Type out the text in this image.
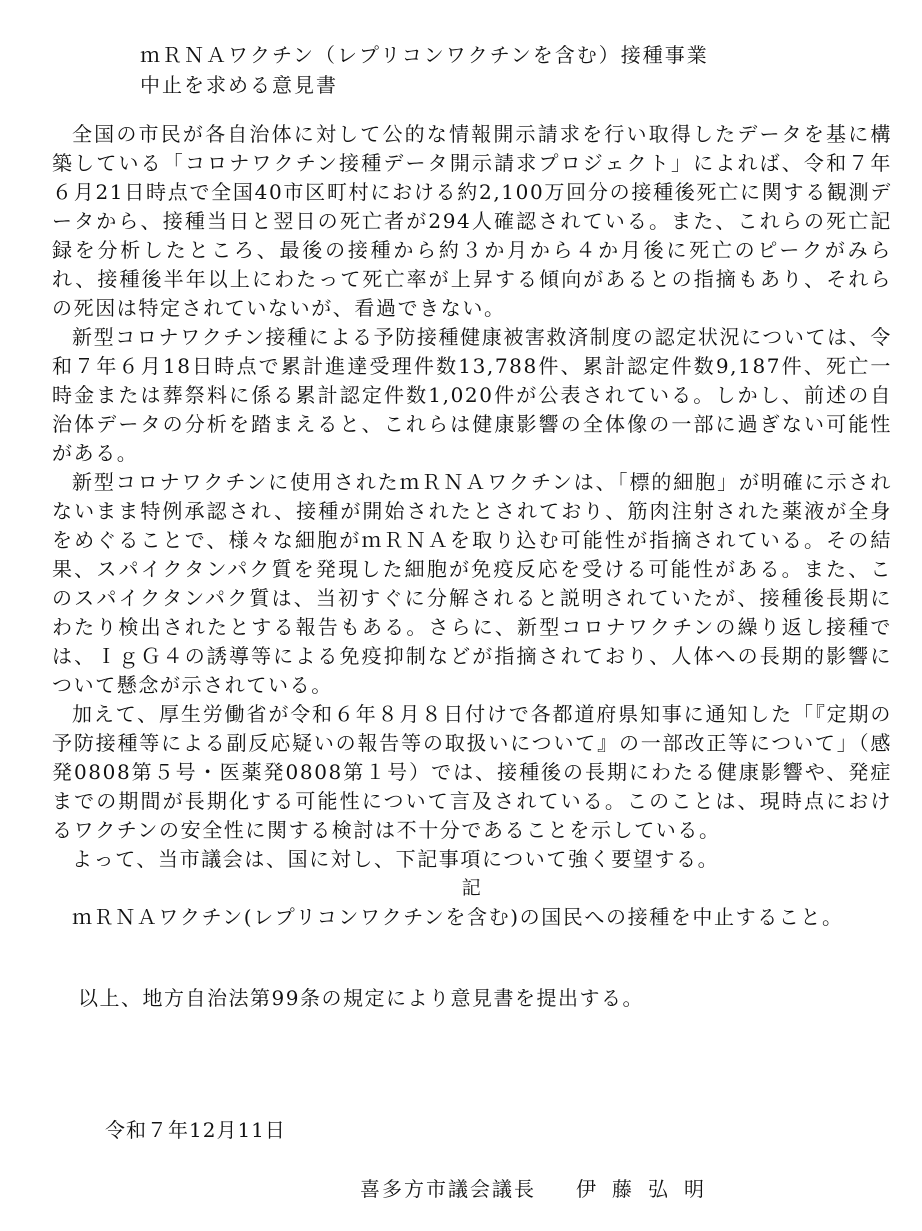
ｍＲＮＡワクチン（レプリコンワクチンを含む）接種事業
中止を求める意見書

全国の市民が各自治体に対して公的な情報開示請求を行い取得したデータを基に構築している「コロナワクチン接種データ開示請求プロジェクト」によれば、令和７年６月21日時点で全国40市区町村における約2,100万回分の接種後死亡に関する観測データから、接種当日と翌日の死亡者が294人確認されている。また、これらの死亡記録を分析したところ、最後の接種から約３か月から４か月後に死亡のピークがみられ、接種後半年以上にわたって死亡率が上昇する傾向があるとの指摘もあり、それらの死因は特定されていないが、看過できない。

新型コロナワクチン接種による予防接種健康被害救済制度の認定状況については、令和７年６月18日時点で累計進達受理件数13,788件、累計認定件数9,187件、死亡一時金または葬祭料に係る累計認定件数1,020件が公表されている。しかし、前述の自治体データの分析を踏まえると、これらは健康影響の全体像の一部に過ぎない可能性がある。

新型コロナワクチンに使用されたｍＲＮＡワクチンは、「標的細胞」が明確に示されないまま特例承認され、接種が開始されたとされており、筋肉注射された薬液が全身をめぐることで、様々な細胞がｍＲＮＡを取り込む可能性が指摘されている。その結果、スパイクタンパク質を発現した細胞が免疫反応を受ける可能性がある。また、このスパイクタンパク質は、当初すぐに分解されると説明されていたが、接種後長期にわたり検出されたとする報告もある。さらに、新型コロナワクチンの繰り返し接種では、ＩｇＧ４の誘導等による免疫抑制などが指摘されており、人体への長期的影響について懸念が示されている。

加えて、厚生労働省が令和６年８月８日付けで各都道府県知事に通知した「『定期の予防接種等による副反応疑いの報告等の取扱いについて』の一部改正等について」（感発0808第５号・医薬発0808第１号）では、接種後の長期にわたる健康影響や、発症までの期間が長期化する可能性について言及されている。このことは、現時点におけるワクチンの安全性に関する検討は不十分であることを示している。

よって、当市議会は、国に対し、下記事項について強く要望する。

記

ｍＲＮＡワクチン(レプリコンワクチンを含む)の国民への接種を中止すること。

以上、地方自治法第99条の規定により意見書を提出する。
令和７年12月11日
喜多方市議会議長 伊藤弘明
